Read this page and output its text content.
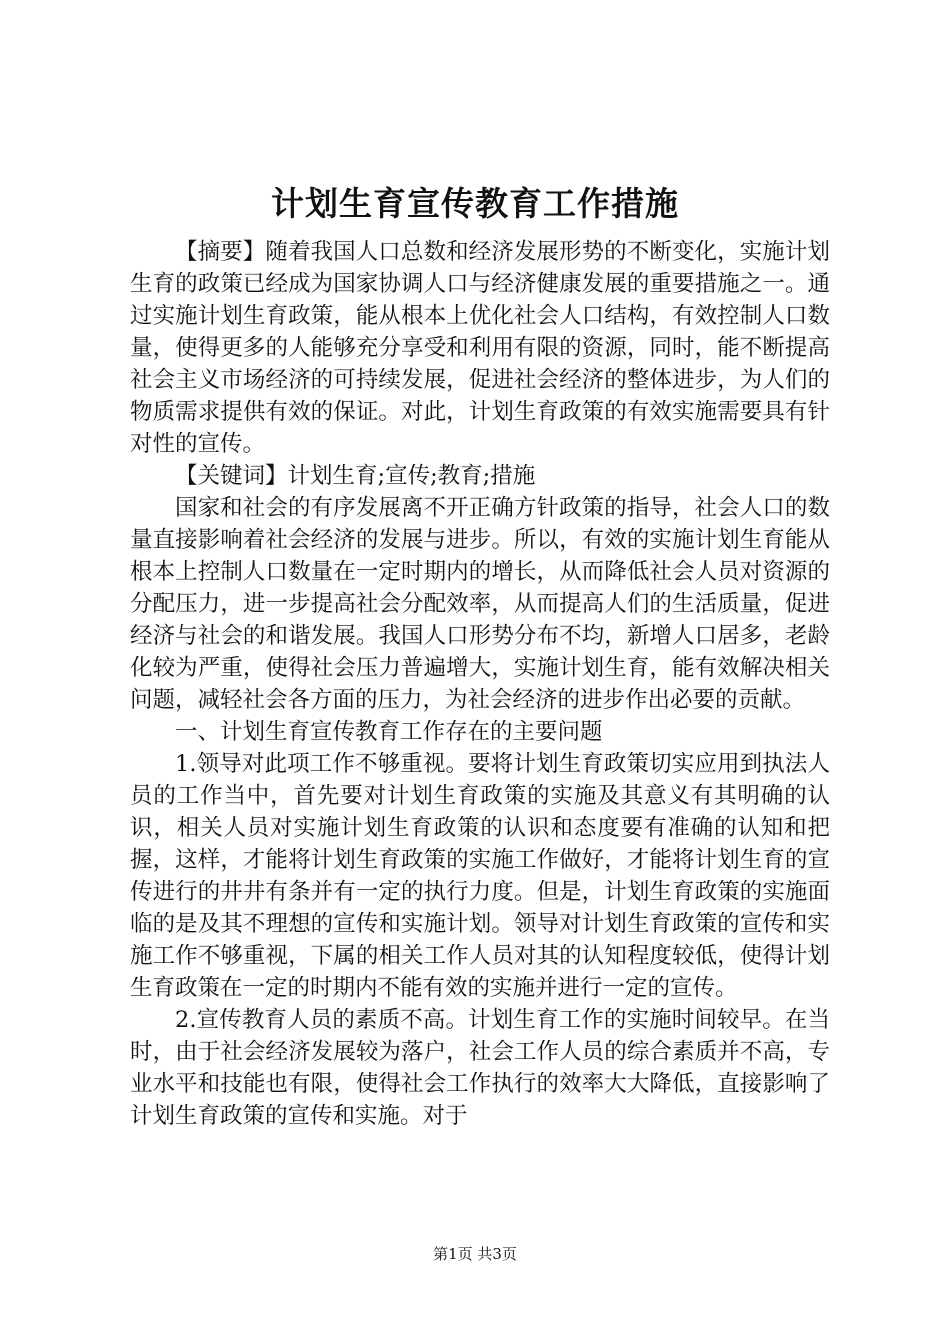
计划生育宣传教育工作措施

【摘要】随着我国人口总数和经济发展形势的不断变化，实施计划生育的政策已经成为国家协调人口与经济健康发展的重要措施之一。通过实施计划生育政策，能从根本上优化社会人口结构，有效控制人口数量，使得更多的人能够充分享受和利用有限的资源，同时，能不断提高社会主义市场经济的可持续发展，促进社会经济的整体进步，为人们的物质需求提供有效的保证。对此，计划生育政策的有效实施需要具有针对性的宣传。

【关键词】计划生育;宣传;教育;措施

国家和社会的有序发展离不开正确方针政策的指导，社会人口的数量直接影响着社会经济的发展与进步。所以，有效的实施计划生育能从根本上控制人口数量在一定时期内的增长，从而降低社会人员对资源的分配压力，进一步提高社会分配效率，从而提高人们的生活质量，促进经济与社会的和谐发展。我国人口形势分布不均，新增人口居多，老龄化较为严重，使得社会压力普遍增大，实施计划生育，能有效解决相关问题，减轻社会各方面的压力，为社会经济的进步作出必要的贡献。

一、计划生育宣传教育工作存在的主要问题

1.领导对此项工作不够重视。要将计划生育政策切实应用到执法人员的工作当中，首先要对计划生育政策的实施及其意义有其明确的认识，相关人员对实施计划生育政策的认识和态度要有准确的认知和把握，这样，才能将计划生育政策的实施工作做好，才能将计划生育的宣传进行的井井有条并有一定的执行力度。但是，计划生育政策的实施面临的是及其不理想的宣传和实施计划。领导对计划生育政策的宣传和实施工作不够重视，下属的相关工作人员对其的认知程度较低，使得计划生育政策在一定的时期内不能有效的实施并进行一定的宣传。

2.宣传教育人员的素质不高。计划生育工作的实施时间较早。在当时，由于社会经济发展较为落户，社会工作人员的综合素质并不高，专业水平和技能也有限，使得社会工作执行的效率大大降低，直接影响了计划生育政策的宣传和实施。对于

第1页 共3页
